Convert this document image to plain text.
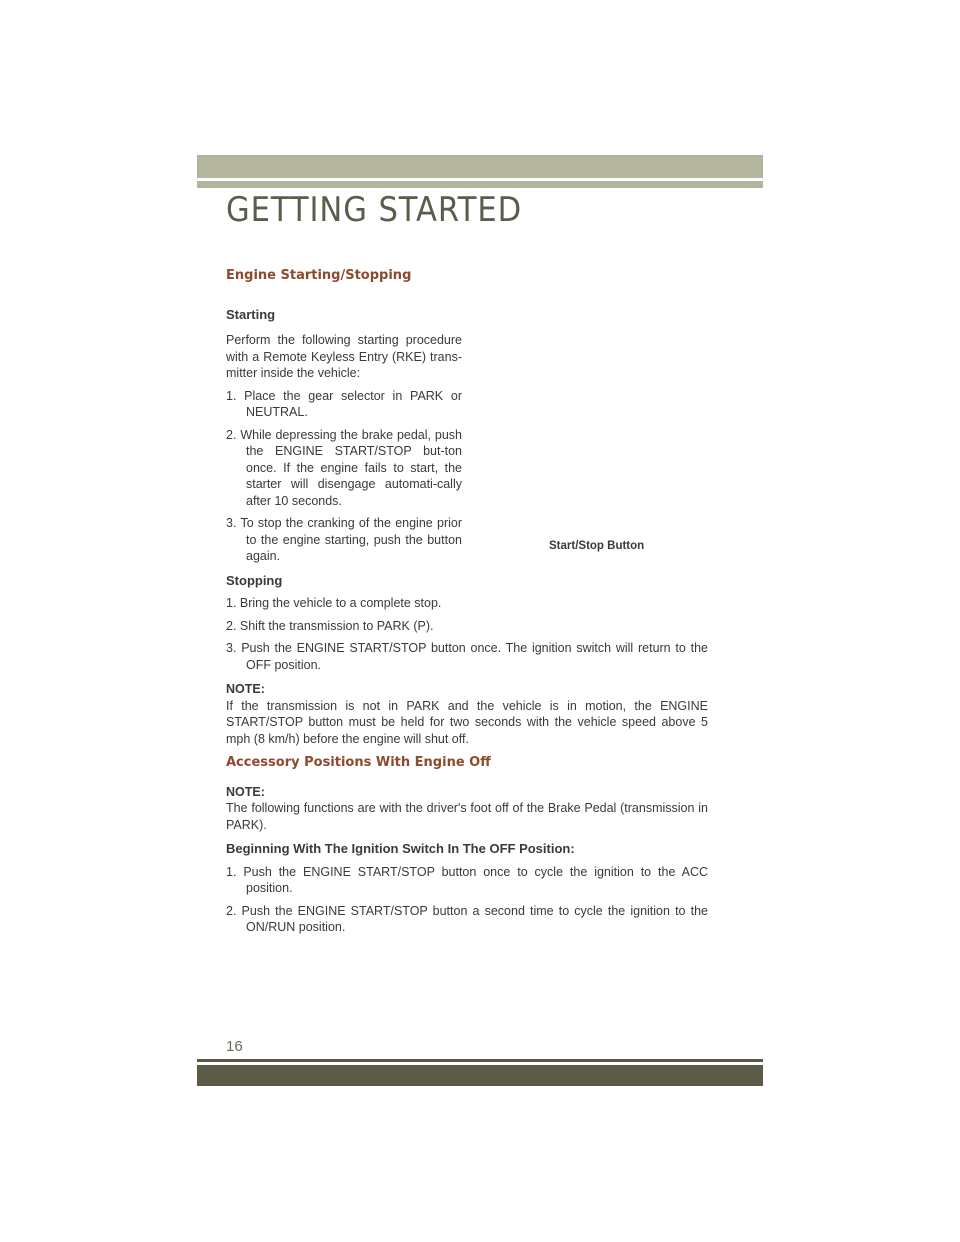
GETTING STARTED
Start/Stop Button
Engine Starting/Stopping
Starting

Perform the following starting procedure with a Remote Keyless Entry (RKE) trans-mitter inside the vehicle:

1. Place the gear selector in PARK or NEUTRAL.
2. While depressing the brake pedal, push the ENGINE START/STOP but-ton once. If the engine fails to start, the starter will disengage automati-cally after 10 seconds.
3. To stop the cranking of the engine prior to the engine starting, push the button again.
Stopping
1. Bring the vehicle to a complete stop.
2. Shift the transmission to PARK (P).
3. Push the ENGINE START/STOP button once. The ignition switch will return to the OFF position.
NOTE:

If the transmission is not in PARK and the vehicle is in motion, the ENGINE START/STOP button must be held for two seconds with the vehicle speed above 5 mph (8 km/h) before the engine will shut off.

Accessory Positions With Engine Off
NOTE:

The following functions are with the driver's foot off of the Brake Pedal (transmission in PARK).

Beginning With The Ignition Switch In The OFF Position:
1. Push the ENGINE START/STOP button once to cycle the ignition to the ACC position.
2. Push the ENGINE START/STOP button a second time to cycle the ignition to the ON/RUN position.
16
